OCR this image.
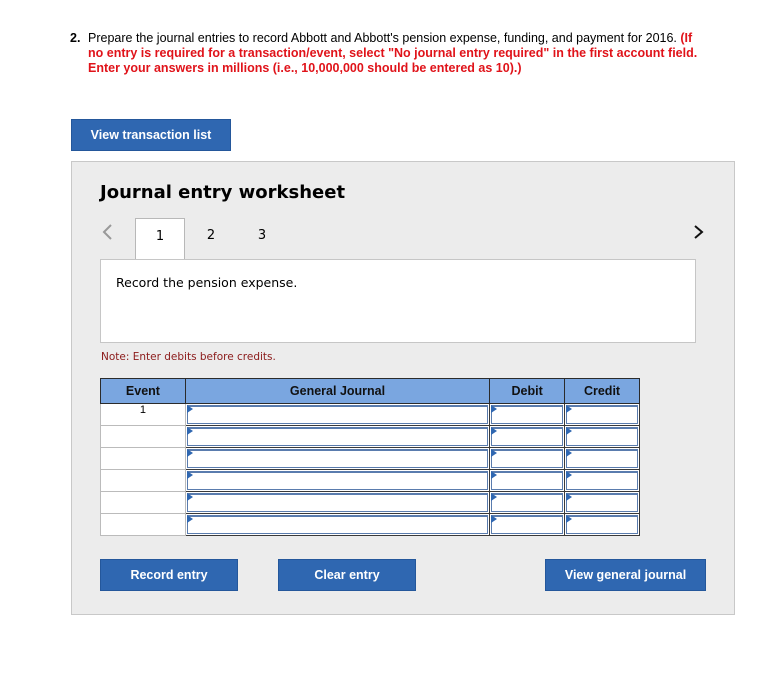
2. Prepare the journal entries to record Abbott and Abbott's pension expense, funding, and payment for 2016. (If no entry is required for a transaction/event, select "No journal entry required" in the first account field. Enter your answers in millions (i.e., 10,000,000 should be entered as 10).)
View transaction list
Journal entry worksheet
1	2	3
Record the pension expense.
Note: Enter debits before credits.
Event	General Journal	Debit	Credit
1	

Record entry	Clear entry	View general journal
